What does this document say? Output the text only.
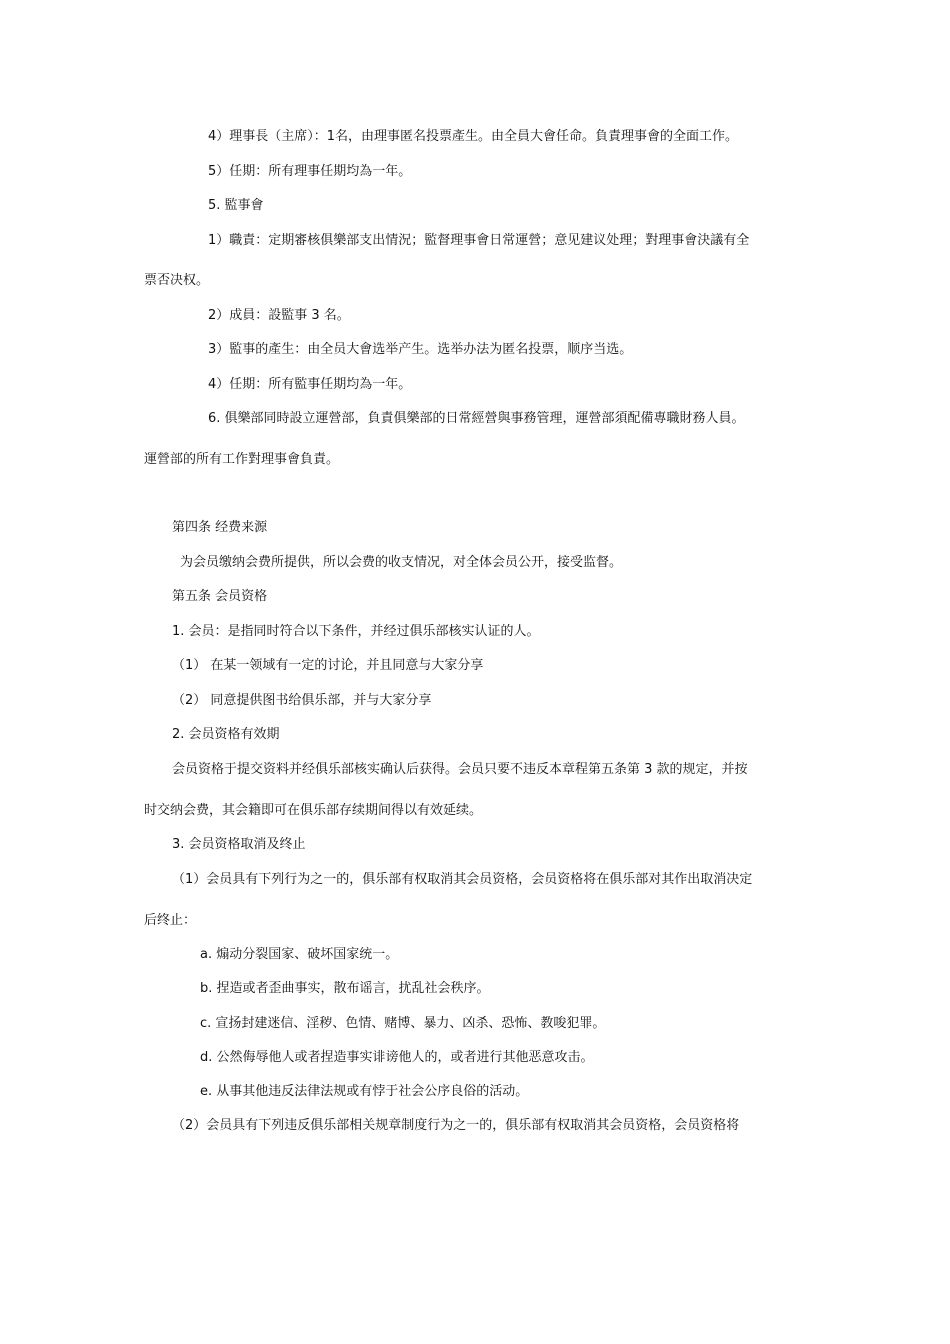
4）理事長（主席）：1名，由理事匿名投票產生。由全員大會任命。負責理事會的全面工作。
5）任期：所有理事任期均為一年。
5. 監事會
1）職責：定期審核俱樂部支出情況；監督理事會日常運營；意见建议处理；對理事會決議有全
票否决权。
2）成員：設監事 3 名。
3）監事的產生：由全员大會选举产生。选举办法为匿名投票，顺序当选。
4）任期：所有監事任期均為一年。
6. 俱樂部同時設立運營部，負責俱樂部的日常經營與事務管理，運營部須配備專職財務人員。
運營部的所有工作對理事會負責。
第四条 经费来源
为会员缴纳会费所提供，所以会费的收支情况，对全体会员公开，接受监督。
第五条 会员资格
1. 会员：是指同时符合以下条件，并经过俱乐部核实认证的人。
（1） 在某一领域有一定的讨论，并且同意与大家分享
（2） 同意提供图书给俱乐部，并与大家分享
2. 会员资格有效期
会员资格于提交资料并经俱乐部核实确认后获得。会员只要不违反本章程第五条第 3 款的规定，并按
时交纳会费，其会籍即可在俱乐部存续期间得以有效延续。
3. 会员资格取消及终止
（1）会员具有下列行为之一的，俱乐部有权取消其会员资格，会员资格将在俱乐部对其作出取消决定
后终止：
a. 煽动分裂国家、破坏国家统一。
b. 捏造或者歪曲事实，散布谣言，扰乱社会秩序。
c. 宣扬封建迷信、淫秽、色情、赌博、暴力、凶杀、恐怖、教唆犯罪。
d. 公然侮辱他人或者捏造事实诽谤他人的，或者进行其他恶意攻击。
e. 从事其他违反法律法规或有悖于社会公序良俗的活动。
（2）会员具有下列违反俱乐部相关规章制度行为之一的，俱乐部有权取消其会员资格，会员资格将
